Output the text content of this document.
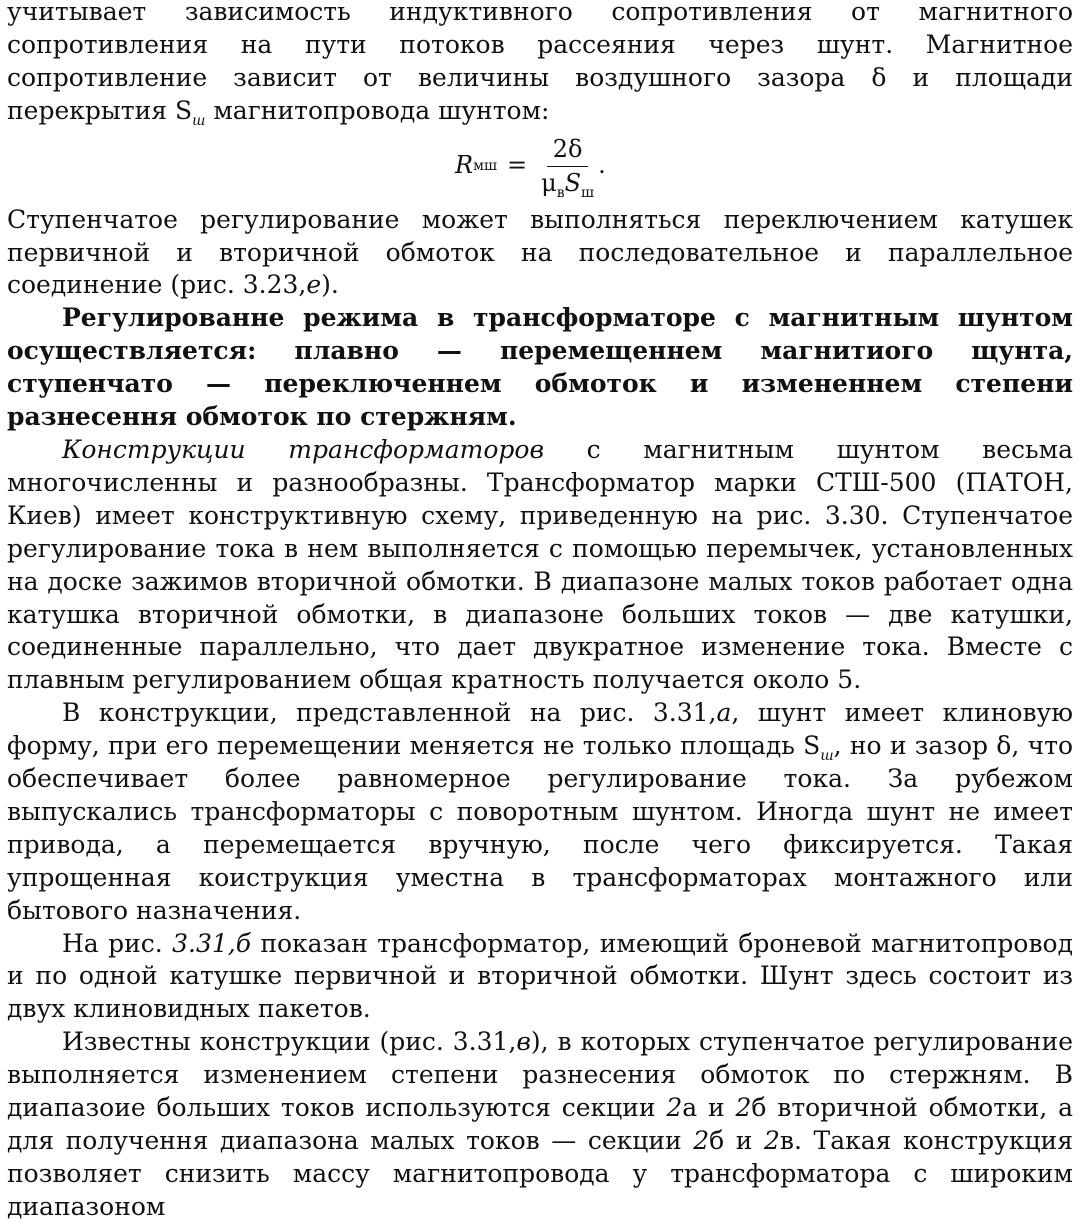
учитывает зависимость индуктивного сопротивления от магнитного сопротивления на пути потоков рассеяния через шунт. Магнитное сопротивление зависит от величины воздушного зазора δ и площади перекрытия $S_ш$ магнитопровода шунтом:

R мш = $\frac{2\delta}{\mu_вS_ш}$ .

Ступенчатое регулирование может выполняться переключением катушек первичной и вторичной обмоток на последовательное и параллельное соединение (рис. 3.23,е).

Регулированне режима в трансформаторе с магнитным шунтом осуществляется: плавно — перемещеннем магнитиого щунта, ступенчато — переключеннем обмоток и измененнем степени разнесення обмоток по стержням.

Конструкции трансформаторов с магнитным шунтом весьма многочисленны и разнообразны. Трансформатор марки СТШ-500 (ПАТОН, Киев) имеет конструктивную схему, приведенную на рис. 3.30. Ступенчатое регулирование тока в нем выполняется с помощью перемычек, установленных на доске зажимов вторичной обмотки. В диапазоне малых токов работает одна катушка вторичной обмотки, в диапазоне больших токов — две катушки, соединенные параллельно, что дает двукратное изменение тока. Вместе с плавным регулированием общая кратность получается около 5.

В конструкции, представленной на рис. 3.31,а, шунт имеет клиновую форму, при его перемещении меняется не только площадь $S_ш$, но и зазор δ, что обеспечивает более равномерное регулирование тока. За рубежом выпускались трансформаторы с поворотным шунтом. Иногда шунт не имеет привода, а перемещается вручную, после чего фиксируется. Такая упрощенная коиструкция уместна в трансформаторах монтажного или бытового назначения.

На рис. 3.31,б показан трансформатор, имеющий броневой магнитопровод и по одной катушке первичной и вторичной обмотки. Шунт здесь состоит из двух клиновидных пакетов.

Известны конструкции (рис. 3.31,в), в которых ступенчатое регулирование выполняется изменением степени разнесения обмоток по стержням. В диапазоие больших токов используются секции 2а и 2б вторичной обмотки, а для получення диапазона малых токов — секции 2б и 2в. Такая конструкция позволяет снизить массу магнитопровода у трансформатора с широким диапазоном
